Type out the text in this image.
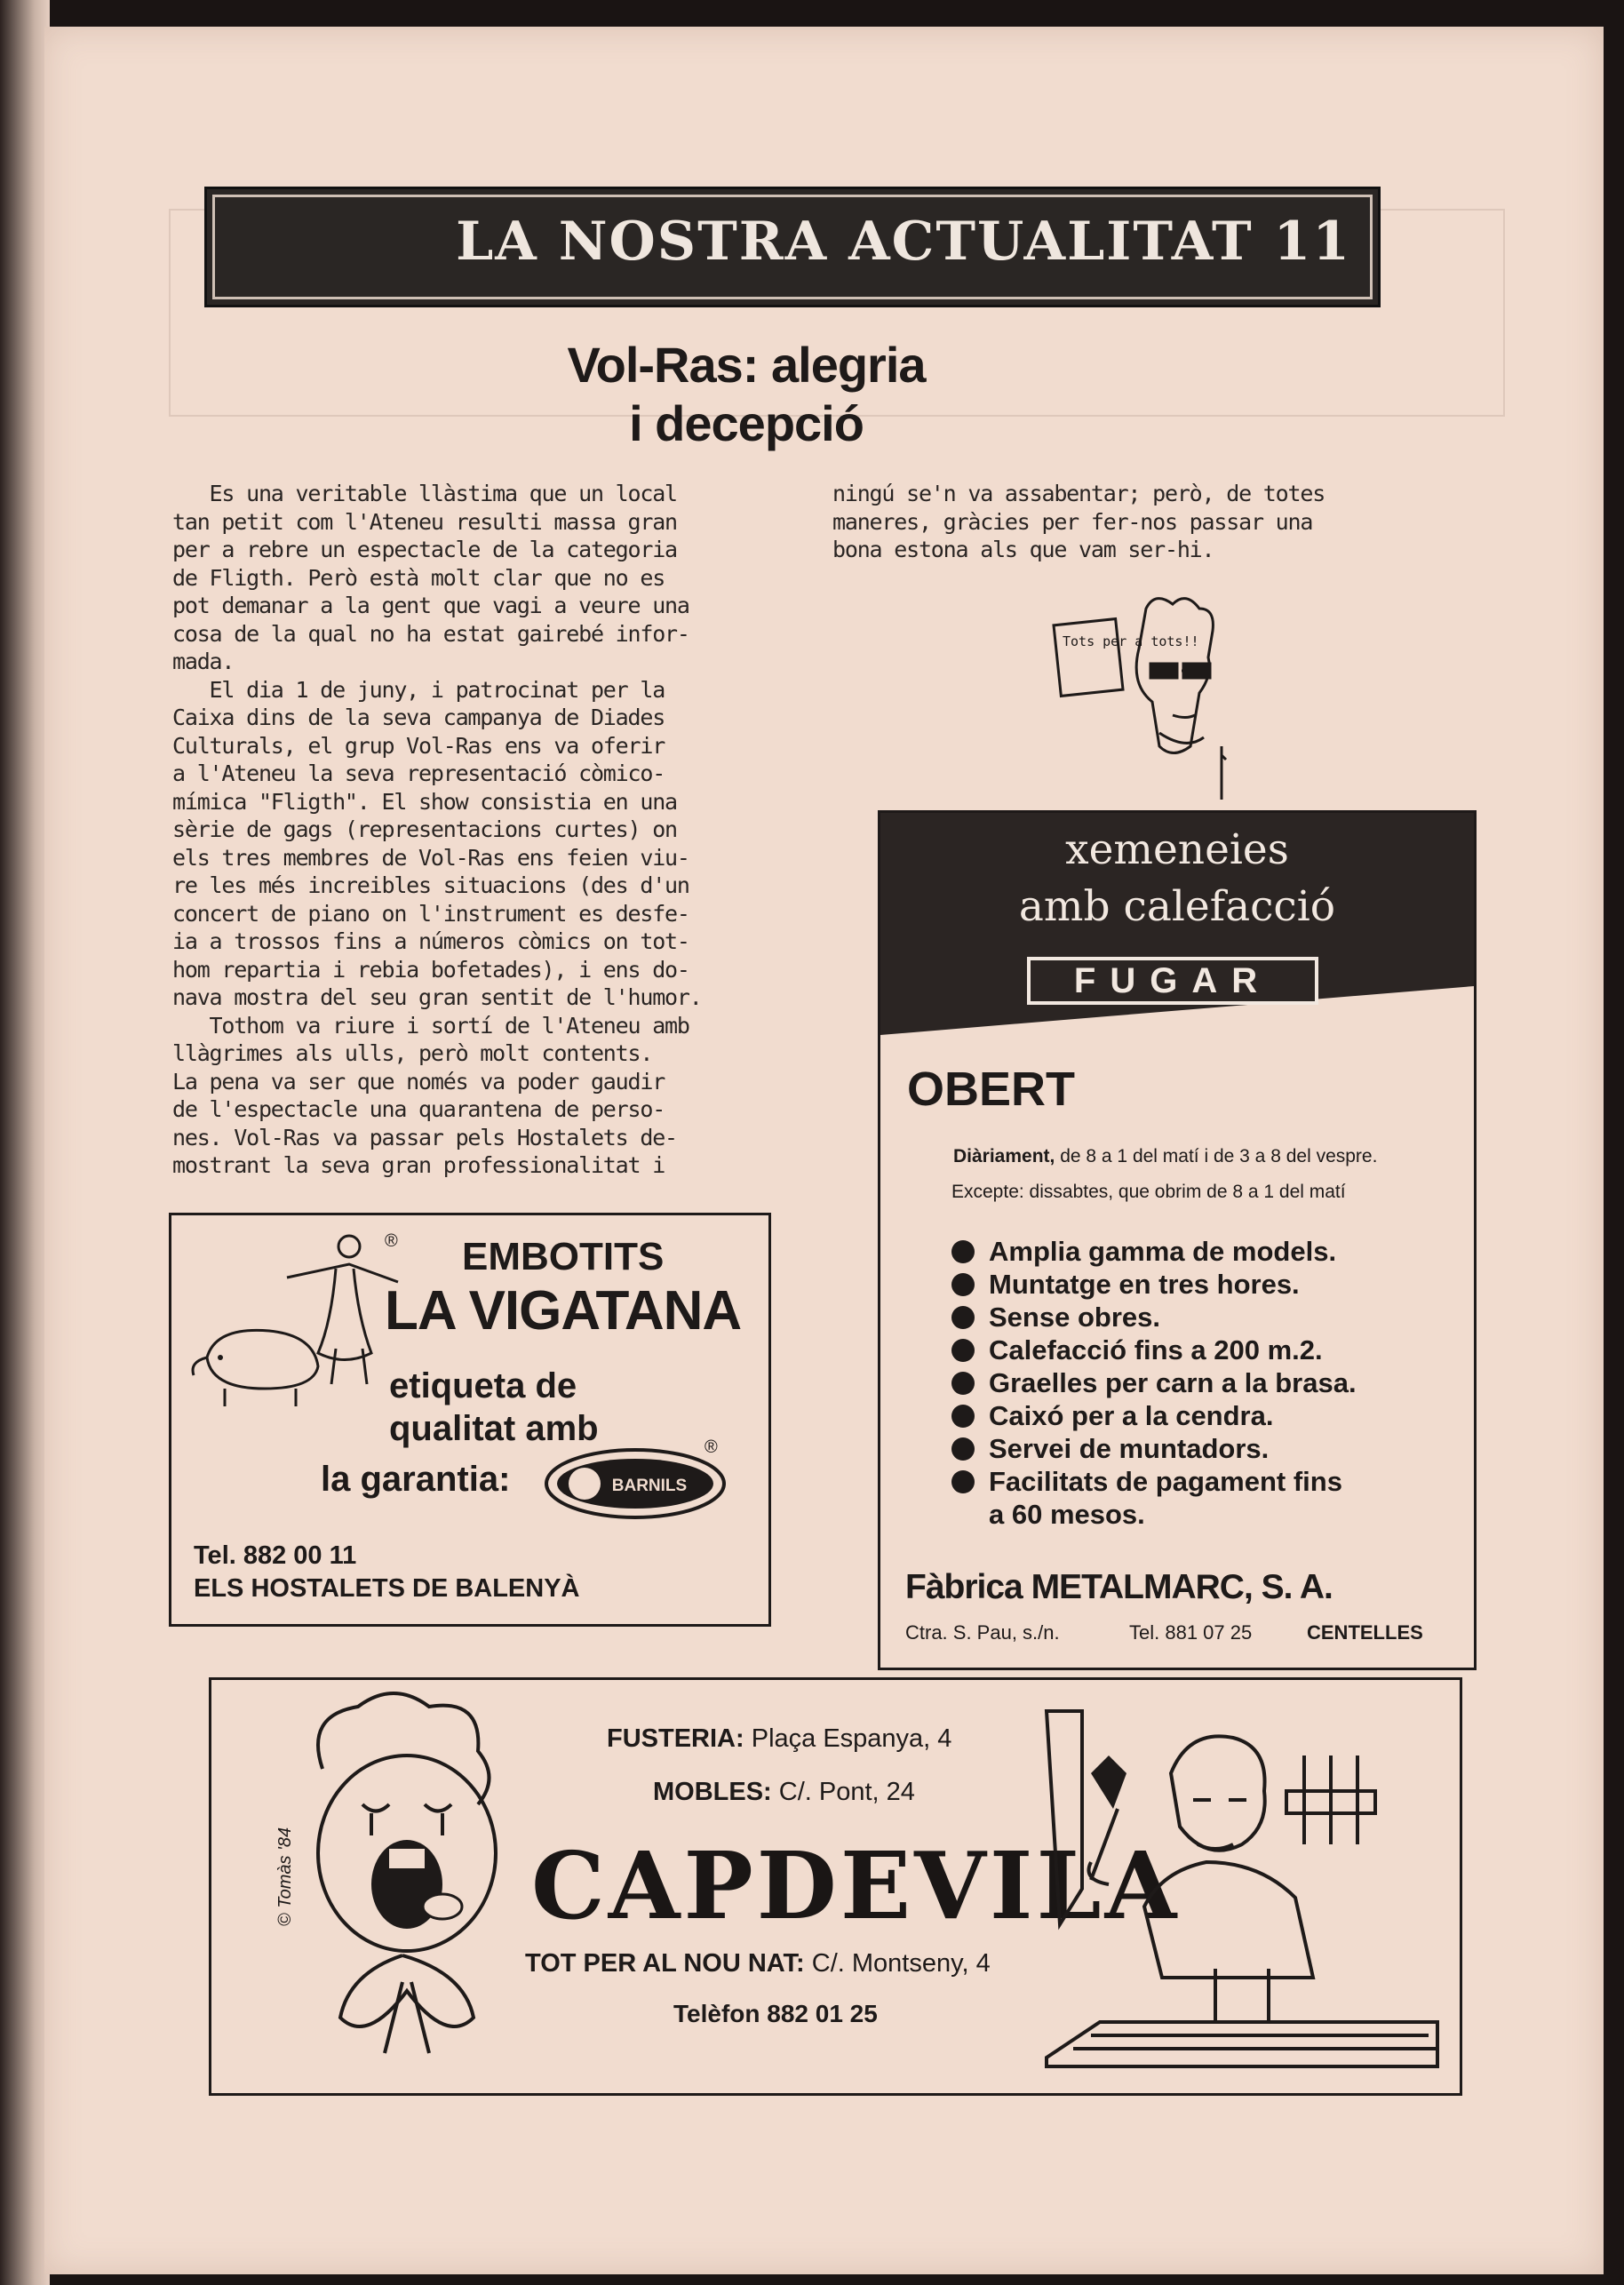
LA NOSTRA ACTUALITAT 11
Vol-Ras: alegria
i decepció
Es una veritable llàstima que un local
tan petit com l'Ateneu resulti massa gran
per a rebre un espectacle de la categoria
de Fligth. Però està molt clar que no es
pot demanar a la gent que vagi a veure una
cosa de la qual no ha estat gairebé infor-
mada.
El dia 1 de juny, i patrocinat per la
Caixa dins de la seva campanya de Diades
Culturals, el grup Vol-Ras ens va oferir
a l'Ateneu la seva representació còmico-
mímica "Fligth". El show consistia en una
sèrie de gags (representacions curtes) on
els tres membres de Vol-Ras ens feien viu-
re les més increibles situacions (des d'un
concert de piano on l'instrument es desfe-
ia a trossos fins a números còmics on tot-
hom repartia i rebia bofetades), i ens do-
nava mostra del seu gran sentit de l'humor.
Tothom va riure i sortí de l'Ateneu amb
llàgrimes als ulls, però molt contents.
La pena va ser que només va poder gaudir
de l'espectacle una quarantena de perso-
nes. Vol-Ras va passar pels Hostalets de-
mostrant la seva gran professionalitat i
ningú se'n va assabentar; però, de totes
maneres, gràcies per fer-nos passar una
bona estona als que vam ser-hi.
Tots per a tots!!
® EMBOTITS
LA VIGATANA
etiqueta de qualitat amb
la garantia:
®
BARNILS
Tel. 882 00 11
ELS HOSTALETS DE BALENYÀ
xemeneies
amb calefacció
FUGAR
OBERT
Diàriament, de 8 a 1 del matí i de 3 a 8 del vespre.
Excepte: dissabtes, que obrim de 8 a 1 del matí
Amplia gamma de models.
Muntatge en tres hores.
Sense obres.
Calefacció fins a 200 m.2.
Graelles per carn a la brasa.
Caixó per a la cendra.
Servei de muntadors.
Facilitats de pagament fins
a 60 mesos.
Fàbrica METALMARC, S. A.
Ctra. S. Pau, s./n.	Tel. 881 07 25	CENTELLES
© Tomàs '84
FUSTERIA: Plaça Espanya, 4
MOBLES: C/. Pont, 24
CAPDEVILA
TOT PER AL NOU NAT: C/. Montseny, 4
Telèfon 882 01 25
